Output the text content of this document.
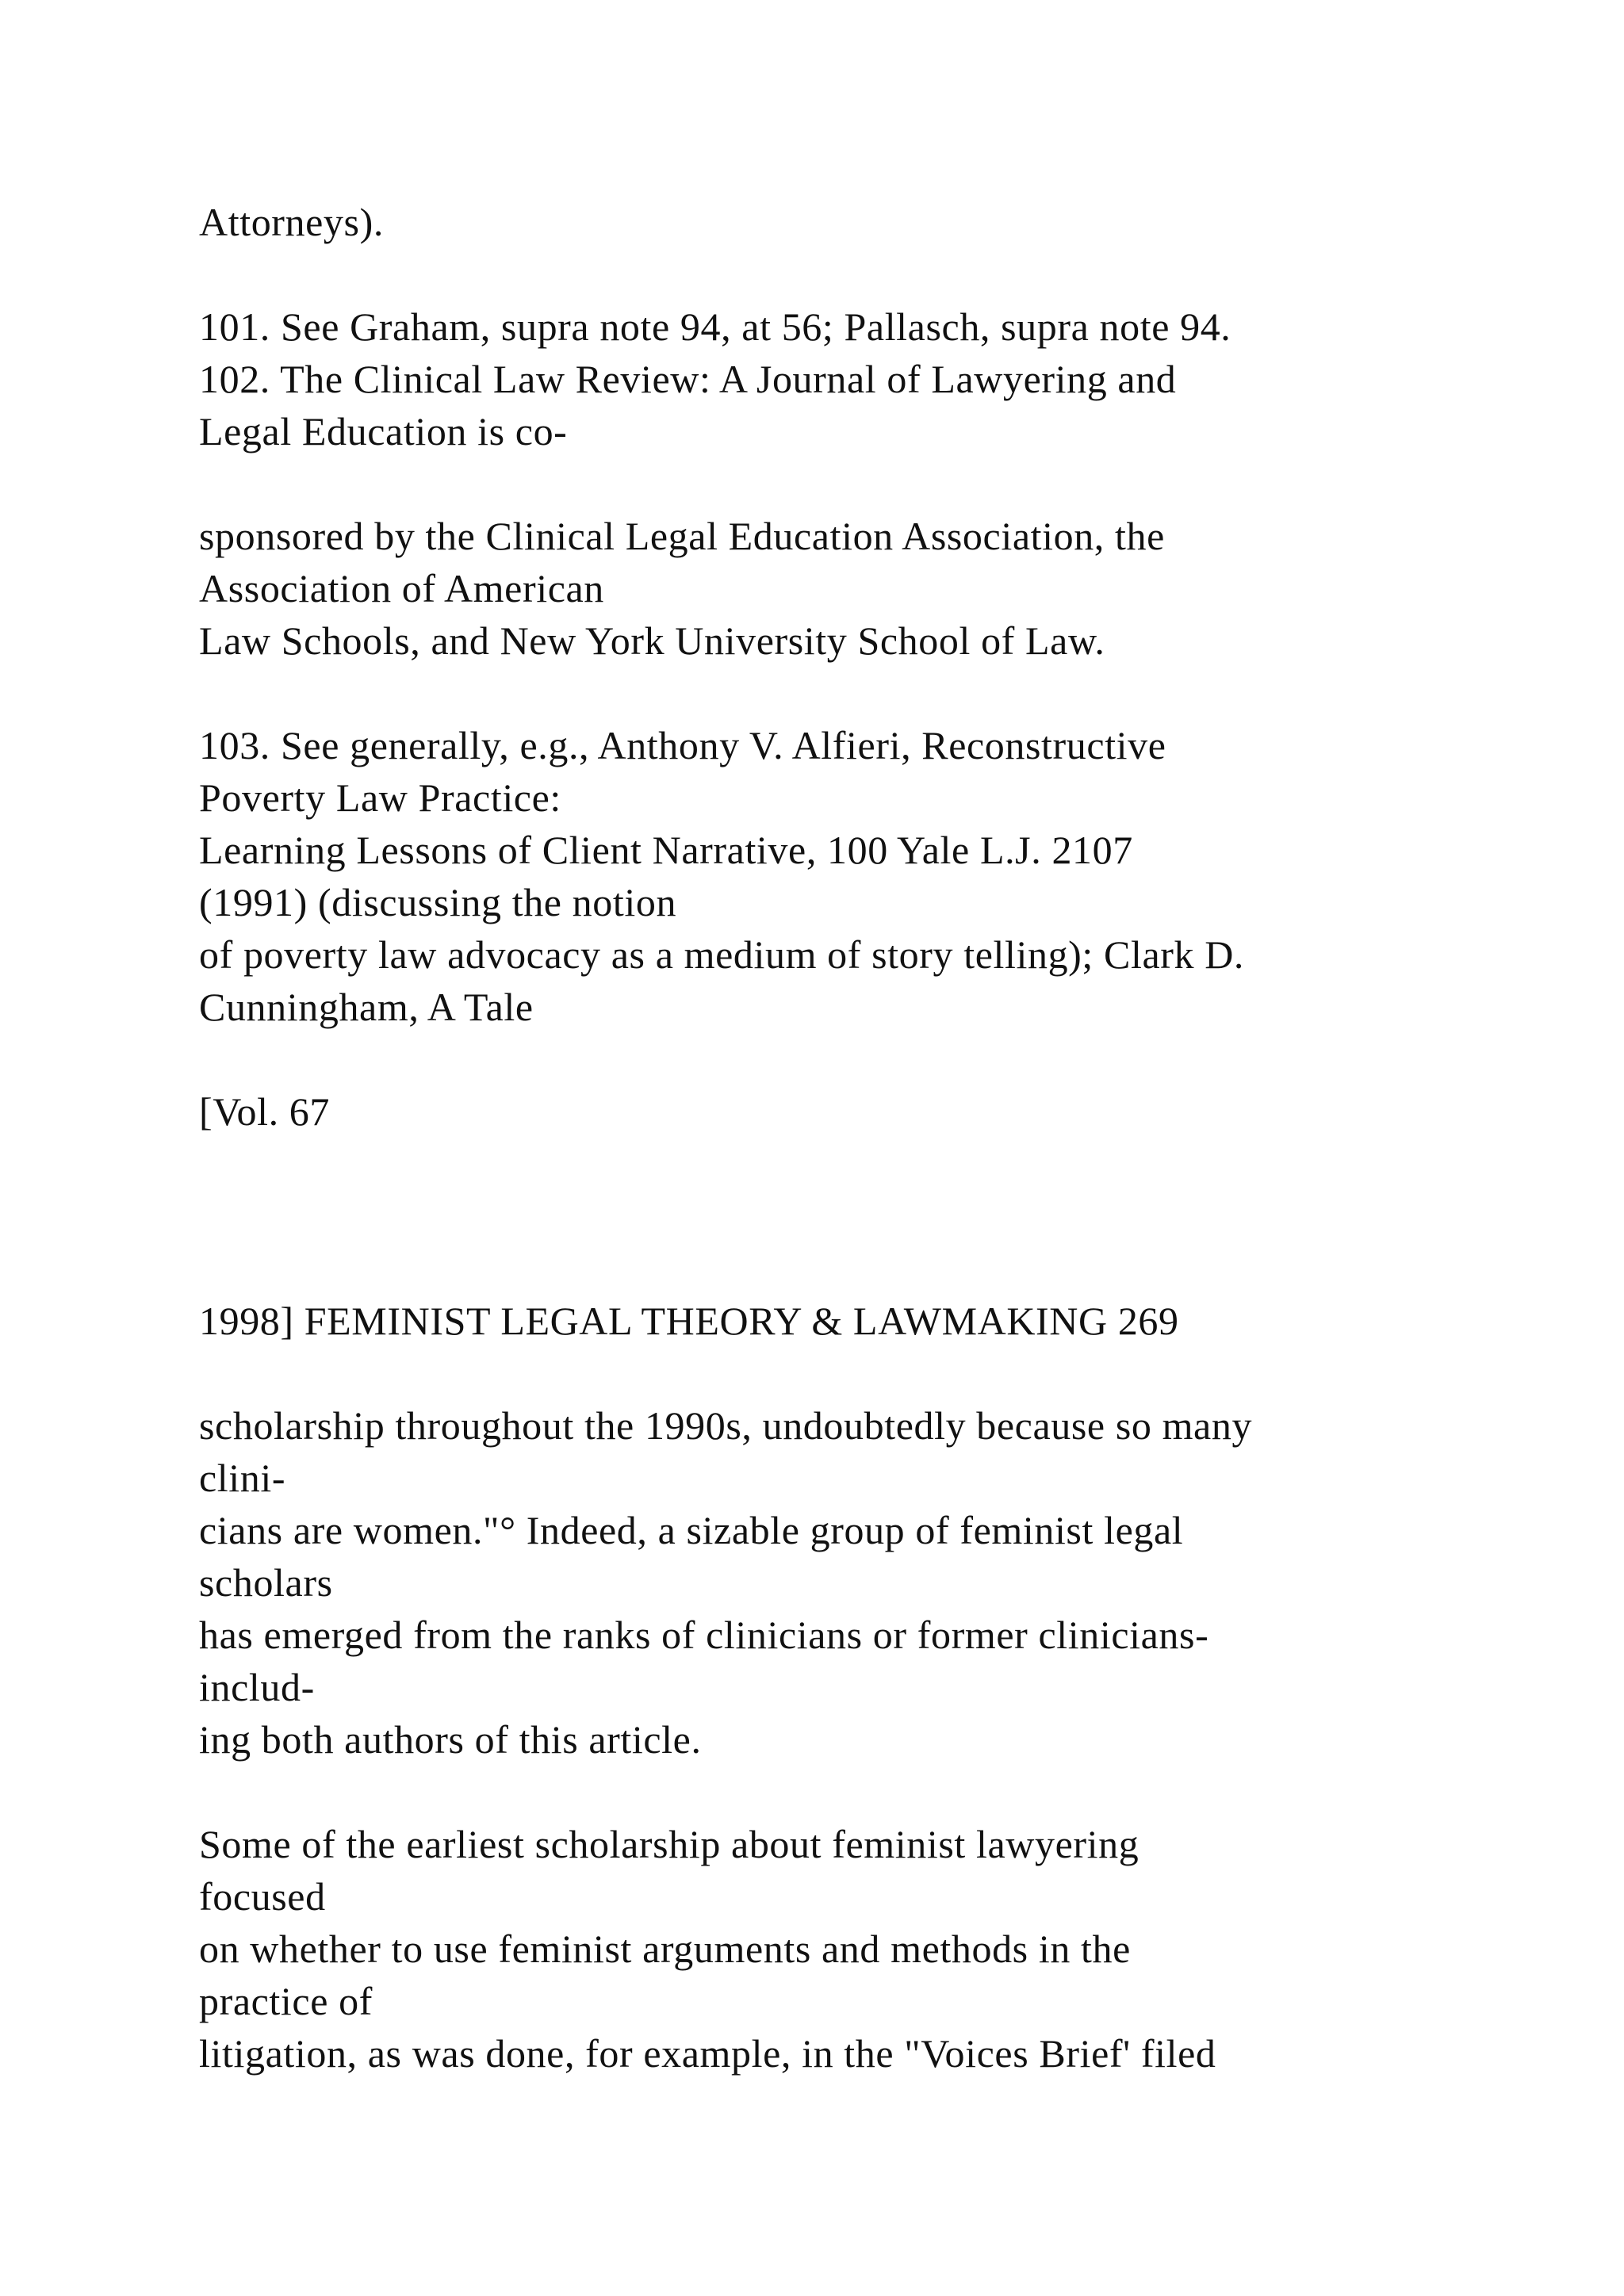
Attorneys).

101. See Graham, supra note 94, at 56; Pallasch, supra note 94.

102. The Clinical Law Review: A Journal of Lawyering and

Legal Education is co-

sponsored by the Clinical Legal Education Association, the

Association of American

Law Schools, and New York University School of Law.

103. See generally, e.g., Anthony V. Alfieri, Reconstructive

Poverty Law Practice:

Learning Lessons of Client Narrative, 100 Yale L.J. 2107

(1991) (discussing the notion

of poverty law advocacy as a medium of story telling); Clark D.

Cunningham, A Tale

[Vol. 67

1998] FEMINIST LEGAL THEORY & LAWMAKING 269

scholarship throughout the 1990s, undoubtedly because so many

clini-

cians are women."° Indeed, a sizable group of feminist legal

scholars

has emerged from the ranks of clinicians or former clinicians-

includ-

ing both authors of this article.

Some of the earliest scholarship about feminist lawyering

focused

on whether to use feminist arguments and methods in the

practice of

litigation, as was done, for example, in the "Voices Brief' filed
